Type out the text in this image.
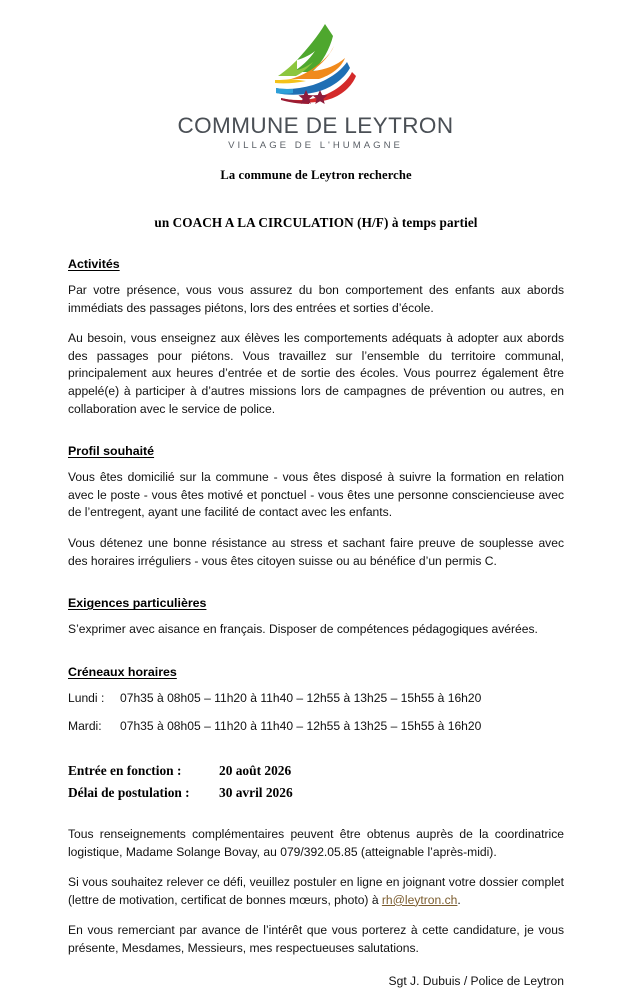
COMMUNE DE LEYTRON
VILLAGE DE L'HUMAGNE
La commune de Leytron recherche
un COACH A LA CIRCULATION (H/F) à temps partiel
Activités

Par votre présence, vous vous assurez du bon comportement des enfants aux abords immédiats des passages piétons, lors des entrées et sorties d’école.

Au besoin, vous enseignez aux élèves les comportements adéquats à adopter aux abords des passages pour piétons. Vous travaillez sur l’ensemble du territoire communal, principalement aux heures d’entrée et de sortie des écoles. Vous pourrez également être appelé(e) à participer à d’autres missions lors de campagnes de prévention ou autres, en collaboration avec le service de police.

Profil souhaité

Vous êtes domicilié sur la commune - vous êtes disposé à suivre la formation en relation avec le poste - vous êtes motivé et ponctuel - vous êtes une personne consciencieuse avec de l’entregent, ayant une facilité de contact avec les enfants.

Vous détenez une bonne résistance au stress et sachant faire preuve de souplesse avec des horaires irréguliers - vous êtes citoyen suisse ou au bénéfice d’un permis C.

Exigences particulières

S’exprimer avec aisance en français. Disposer de compétences pédagogiques avérées.

Créneaux horaires
Lundi : 07h35 à 08h05 – 11h20 à 11h40 – 12h55 à 13h25 – 15h55 à 16h20
Mardi: 07h35 à 08h05 – 11h20 à 11h40 – 12h55 à 13h25 – 15h55 à 16h20
Entrée en fonction :	20 août 2026
Délai de postulation : 30 avril 2026

Tous renseignements complémentaires peuvent être obtenus auprès de la coordinatrice logistique, Madame Solange Bovay, au 079/392.05.85 (atteignable l’après-midi).

Si vous souhaitez relever ce défi, veuillez postuler en ligne en joignant votre dossier complet (lettre de motivation, certificat de bonnes mœurs, photo) à rh@leytron.ch.

En vous remerciant par avance de l’intérêt que vous porterez à cette candidature, je vous présente, Mesdames, Messieurs, mes respectueuses salutations.

Sgt J. Dubuis / Police de Leytron
